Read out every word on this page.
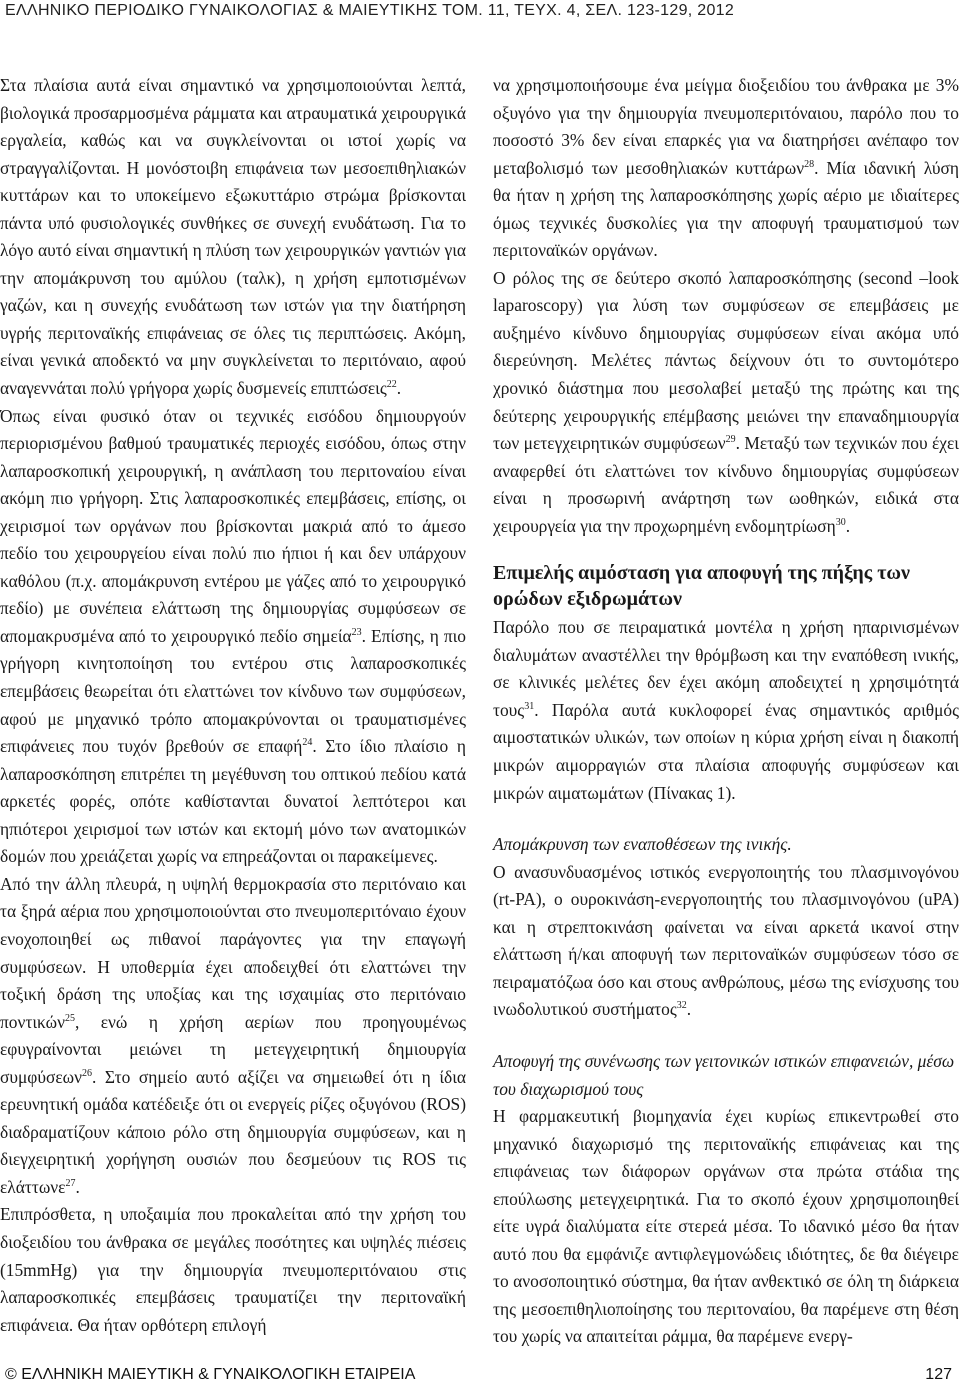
ΕΛΛΗΝΙΚΟ ΠΕΡΙΟΔΙΚΟ ΓΥΝΑΙΚΟΛΟΓΙΑΣ & ΜΑΙΕΥΤΙΚΗΣ ΤΟΜ. 11, ΤΕΥΧ. 4, ΣΕΛ. 123-129, 2012

Στα πλαίσια αυτά είναι σημαντικό να χρησιμοποιούνται λεπτά, βιολογικά προσαρμοσμένα ράμματα και ατραυματικά χειρουργικά εργαλεία, καθώς και να συγκλείνονται οι ιστοί χωρίς να στραγγαλίζονται. Η μονόστοιβη επιφάνεια των μεσοεπιθηλιακών κυττάρων και το υποκείμενο εξωκυττάριο στρώμα βρίσκονται πάντα υπό φυσιολογικές συνθήκες σε συνεχή ενυδάτωση. Για το λόγο αυτό είναι σημαντική η πλύση των χειρουργικών γαντιών για την απομάκρυνση του αμύλου (ταλκ), η χρήση εμποτισμένων γαζών, και η συνεχής ενυδάτωση των ιστών για την διατήρηση υγρής περιτοναϊκής επιφάνειας σε όλες τις περιπτώσεις. Ακόμη, είναι γενικά αποδεκτό να μην συγκλείνεται το περιτόναιο, αφού αναγεννάται πολύ γρήγορα χωρίς δυσμενείς επιπτώσεις$^{22}$.

Όπως είναι φυσικό όταν οι τεχνικές εισόδου δημιουργούν περιορισμένου βαθμού τραυματικές περιοχές εισόδου, όπως στην λαπαροσκοπική χειρουργική, η ανάπλαση του περιτοναίου είναι ακόμη πιο γρήγορη. Στις λαπαροσκοπικές επεμβάσεις, επίσης, οι χειρισμοί των οργάνων που βρίσκονται μακριά από το άμεσο πεδίο του χειρουργείου είναι πολύ πιο ήπιοι ή και δεν υπάρχουν καθόλου (π.χ. απομάκρυνση εντέρου με γάζες από το χειρουργικό πεδίο) με συνέπεια ελάττωση της δημιουργίας συμφύσεων σε απομακρυσμένα από το χειρουργικό πεδίο σημεία$^{23}$. Επίσης, η πιο γρήγορη κινητοποίηση του εντέρου στις λαπαροσκοπικές επεμβάσεις θεωρείται ότι ελαττώνει τον κίνδυνο των συμφύσεων, αφού με μηχανικό τρόπο απομακρύνονται οι τραυματισμένες επιφάνειες που τυχόν βρεθούν σε επαφή$^{24}$. Στο ίδιο πλαίσιο η λαπαροσκόπηση επιτρέπει τη μεγέθυνση του οπτικού πεδίου κατά αρκετές φορές, οπότε καθίστανται δυνατοί λεπτότεροι και ηπιότεροι χειρισμοί των ιστών και εκτομή μόνο των ανατομικών δομών που χρειάζεται χωρίς να επηρεάζονται οι παρακείμενες.

Από την άλλη πλευρά, η υψηλή θερμοκρασία στο περιτόναιο και τα ξηρά αέρια που χρησιμοποιούνται στο πνευμοπεριτόναιο έχουν ενοχοποιηθεί ως πιθανοί παράγοντες για την επαγωγή συμφύσεων. Η υποθερμία έχει αποδειχθεί ότι ελαττώνει την τοξική δράση της υποξίας και της ισχαιμίας στο περιτόναιο ποντικών$^{25}$, ενώ η χρήση αερίων που προηγουμένως εφυγραίνονται μειώνει τη μετεγχειρητική δημιουργία συμφύσεων$^{26}$. Στο σημείο αυτό αξίζει να σημειωθεί ότι η ίδια ερευνητική ομάδα κατέδειξε ότι οι ενεργείς ρίζες οξυγόνου (ROS) διαδραματίζουν κάποιο ρόλο στη δημιουργία συμφύσεων, και η διεγχειρητική χορήγηση ουσιών που δεσμεύουν τις ROS τις ελάττωνε$^{27}$.

Επιπρόσθετα, η υποξαιμία που προκαλείται από την χρήση του διοξειδίου του άνθρακα σε μεγάλες ποσότητες και υψηλές πιέσεις (15mmHg) για την δημιουργία πνευμοπεριτόναιου στις λαπαροσκοπικές επεμβάσεις τραυματίζει την περιτοναϊκή επιφάνεια. Θα ήταν ορθότερη επιλογή

να χρησιμοποιήσουμε ένα μείγμα διοξειδίου του άνθρακα με 3% οξυγόνο για την δημιουργία πνευμοπεριτόναιου, παρόλο που το ποσοστό 3% δεν είναι επαρκές για να διατηρήσει ανέπαφο τον μεταβολισμό των μεσοθηλιακών κυττάρων$^{28}$. Μία ιδανική λύση θα ήταν η χρήση της λαπαροσκόπησης χωρίς αέριο με ιδιαίτερες όμως τεχνικές δυσκολίες για την αποφυγή τραυματισμού των περιτοναϊκών οργάνων.

Ο ρόλος της σε δεύτερο σκοπό λαπαροσκόπησης (second –look laparoscopy) για λύση των συμφύσεων σε επεμβάσεις με αυξημένο κίνδυνο δημιουργίας συμφύσεων είναι ακόμα υπό διερεύνηση. Μελέτες πάντως δείχνουν ότι το συντομότερο χρονικό διάστημα που μεσολαβεί μεταξύ της πρώτης και της δεύτερης χειρουργικής επέμβασης μειώνει την επαναδημιουργία των μετεγχειρητικών συμφύσεων$^{29}$. Μεταξύ των τεχνικών που έχει αναφερθεί ότι ελαττώνει τον κίνδυνο δημιουργίας συμφύσεων είναι η προσωρινή ανάρτηση των ωοθηκών, ειδικά στα χειρουργεία για την προχωρημένη ενδομητρίωση$^{30}$.

Επιμελής αιμόσταση για αποφυγή της πήξης των ορώδων εξιδρωμάτων

Παρόλο που σε πειραματικά μοντέλα η χρήση ηπαρινισμένων διαλυμάτων αναστέλλει την θρόμβωση και την εναπόθεση ινικής, σε κλινικές μελέτες δεν έχει ακόμη αποδειχτεί η χρησιμότητά τους$^{31}$. Παρόλα αυτά κυκλοφορεί ένας σημαντικός αριθμός αιμοστατικών υλικών, των οποίων η κύρια χρήση είναι η διακοπή μικρών αιμορραγιών στα πλαίσια αποφυγής συμφύσεων και μικρών αιματωμάτων (Πίνακας 1).

Απομάκρυνση των εναποθέσεων της ινικής.

Ο ανασυνδυασμένος ιστικός ενεργοποιητής του πλασμινογόνου (rt-PA), ο ουροκινάση-ενεργοποιητής του πλασμινογόνου (uPA) και η στρεπτοκινάση φαίνεται να είναι αρκετά ικανοί στην ελάττωση ή/και αποφυγή των περιτοναϊκών συμφύσεων τόσο σε πειραματόζωα όσο και στους ανθρώπους, μέσω της ενίσχυσης του ινωδολυτικού συστήματος$^{32}$.

Αποφυγή της συνένωσης των γειτονικών ιστικών επιφανειών, μέσω του διαχωρισμού τους

Η φαρμακευτική βιομηχανία έχει κυρίως επικεντρωθεί στο μηχανικό διαχωρισμό της περιτοναϊκής επιφάνειας και της επιφάνειας των διάφορων οργάνων στα πρώτα στάδια της επούλωσης μετεγχειρητικά. Για το σκοπό έχουν χρησιμοποιηθεί είτε υγρά διαλύματα είτε στερεά μέσα. Το ιδανικό μέσο θα ήταν αυτό που θα εμφάνιζε αντιφλεγμονώδεις ιδιότητες, δε θα διέγειρε το ανοσοποιητικό σύστημα, θα ήταν ανθεκτικό σε όλη τη διάρκεια της μεσοεπιθηλιοποίησης του περιτοναίου, θα παρέμενε στη θέση του χωρίς να απαιτείται ράμμα, θα παρέμενε ενεργ-

© ΕΛΛΗΝΙΚΗ ΜΑΙΕΥΤΙΚΗ & ΓΥΝΑΙΚΟΛΟΓΙΚΗ ΕΤΑΙΡΕΙΑ	127
